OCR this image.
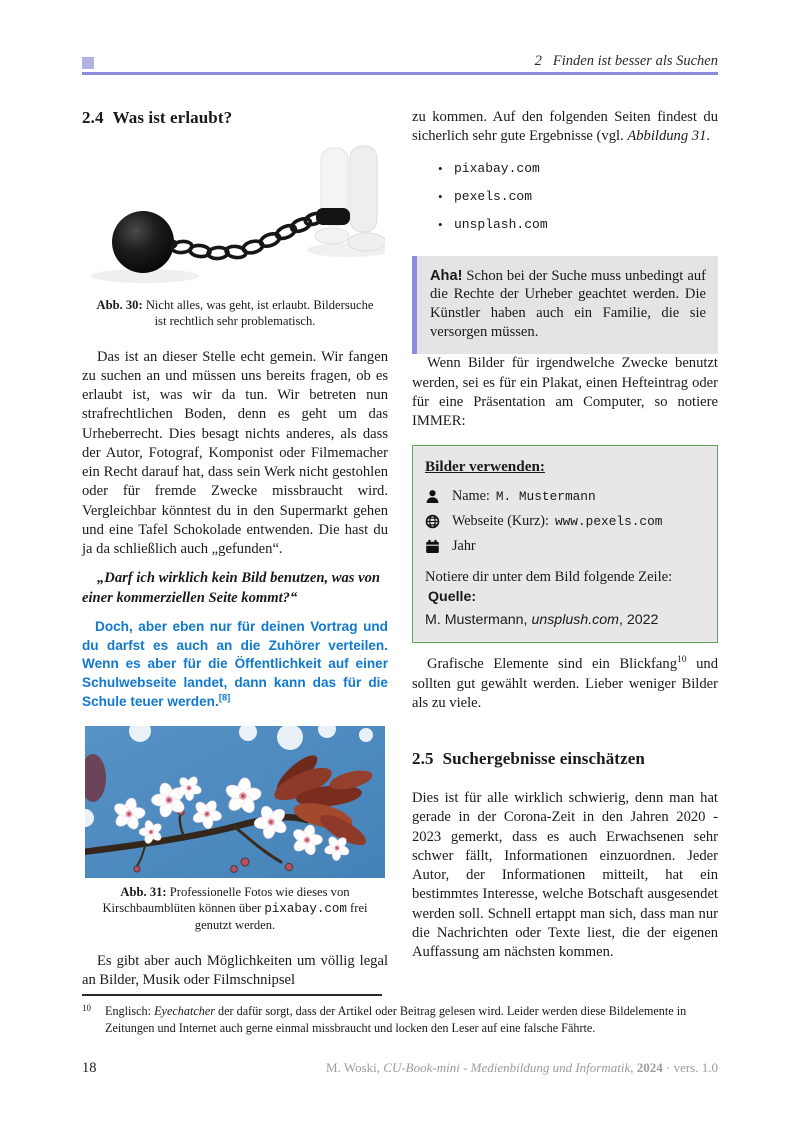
2 Finden ist besser als Suchen
2.4 Was ist erlaubt?
Abb. 30: Nicht alles, was geht, ist erlaubt. Bildersuche ist rechtlich sehr problematisch.

Das ist an dieser Stelle echt gemein. Wir fangen zu suchen an und müssen uns bereits fragen, ob es erlaubt ist, was wir da tun. Wir betreten nun strafrechtlichen Boden, denn es geht um das Urheberrecht. Dies besagt nichts anderes, als dass der Autor, Fotograf, Komponist oder Filmemacher ein Recht darauf hat, dass sein Werk nicht gestohlen oder für fremde Zwecke missbraucht wird. Vergleichbar könntest du in den Supermarkt gehen und eine Tafel Schokolade entwenden. Die hast du ja da schließlich auch „gefunden“.

„Darf ich wirklich kein Bild benutzen, was von einer kommerziellen Seite kommt?“

Doch, aber eben nur für deinen Vortrag und du darfst es auch an die Zuhörer verteilen. Wenn es aber für die Öffentlichkeit auf einer Schulwebseite landet, dann kann das für die Schule teuer werden.[8]

Abb. 31: Professionelle Fotos wie dieses von Kirschbaumblüten können über pixabay.com frei genutzt werden.

Es gibt aber auch Möglichkeiten um völlig legal an Bilder, Musik oder Filmschnipsel

zu kommen. Auf den folgenden Seiten findest du sicherlich sehr gute Ergebnisse (vgl. Abbildung 31.

• pixabay.com
• pexels.com
• unsplash.com
Aha! Schon bei der Suche muss unbedingt auf die Rechte der Urheber geachtet werden. Die Künstler haben auch ein Familie, die sie versorgen müssen.

Wenn Bilder für irgendwelche Zwecke benutzt werden, sei es für ein Plakat, einen Hefteintrag oder für eine Präsentation am Computer, so notiere IMMER:

Bilder verwenden:
Name: M. Mustermann
Webseite (Kurz): www.pexels.com
Jahr
Notiere dir unter dem Bild folgende Zeile:
Quelle:
M. Mustermann, unsplush.com, 2022

Grafische Elemente sind ein Blickfang$^{10}$ und sollten gut gewählt werden. Lieber weniger Bilder als zu viele.

2.5 Suchergebnisse einschätzen

Dies ist für alle wirklich schwierig, denn man hat gerade in der Corona-Zeit in den Jahren 2020 - 2023 gemerkt, dass es auch Erwachsenen sehr schwer fällt, Informationen einzuordnen. Jeder Autor, der Informationen mitteilt, hat ein bestimmtes Interesse, welche Botschaft ausgesendet werden soll. Schnell ertappt man sich, dass man nur die Nachrichten oder Texte liest, die der eigenen Auffassung am nächsten kommen.

10 Englisch: Eyechatcher der dafür sorgt, dass der Artikel oder Beitrag gelesen wird. Leider werden diese Bildelemente in Zeitungen und Internet auch gerne einmal missbraucht und locken den Leser auf eine falsche Fährte.
18	M. Woski, CU-Book-mini - Medienbildung und Informatik, 2024 · vers. 1.0
